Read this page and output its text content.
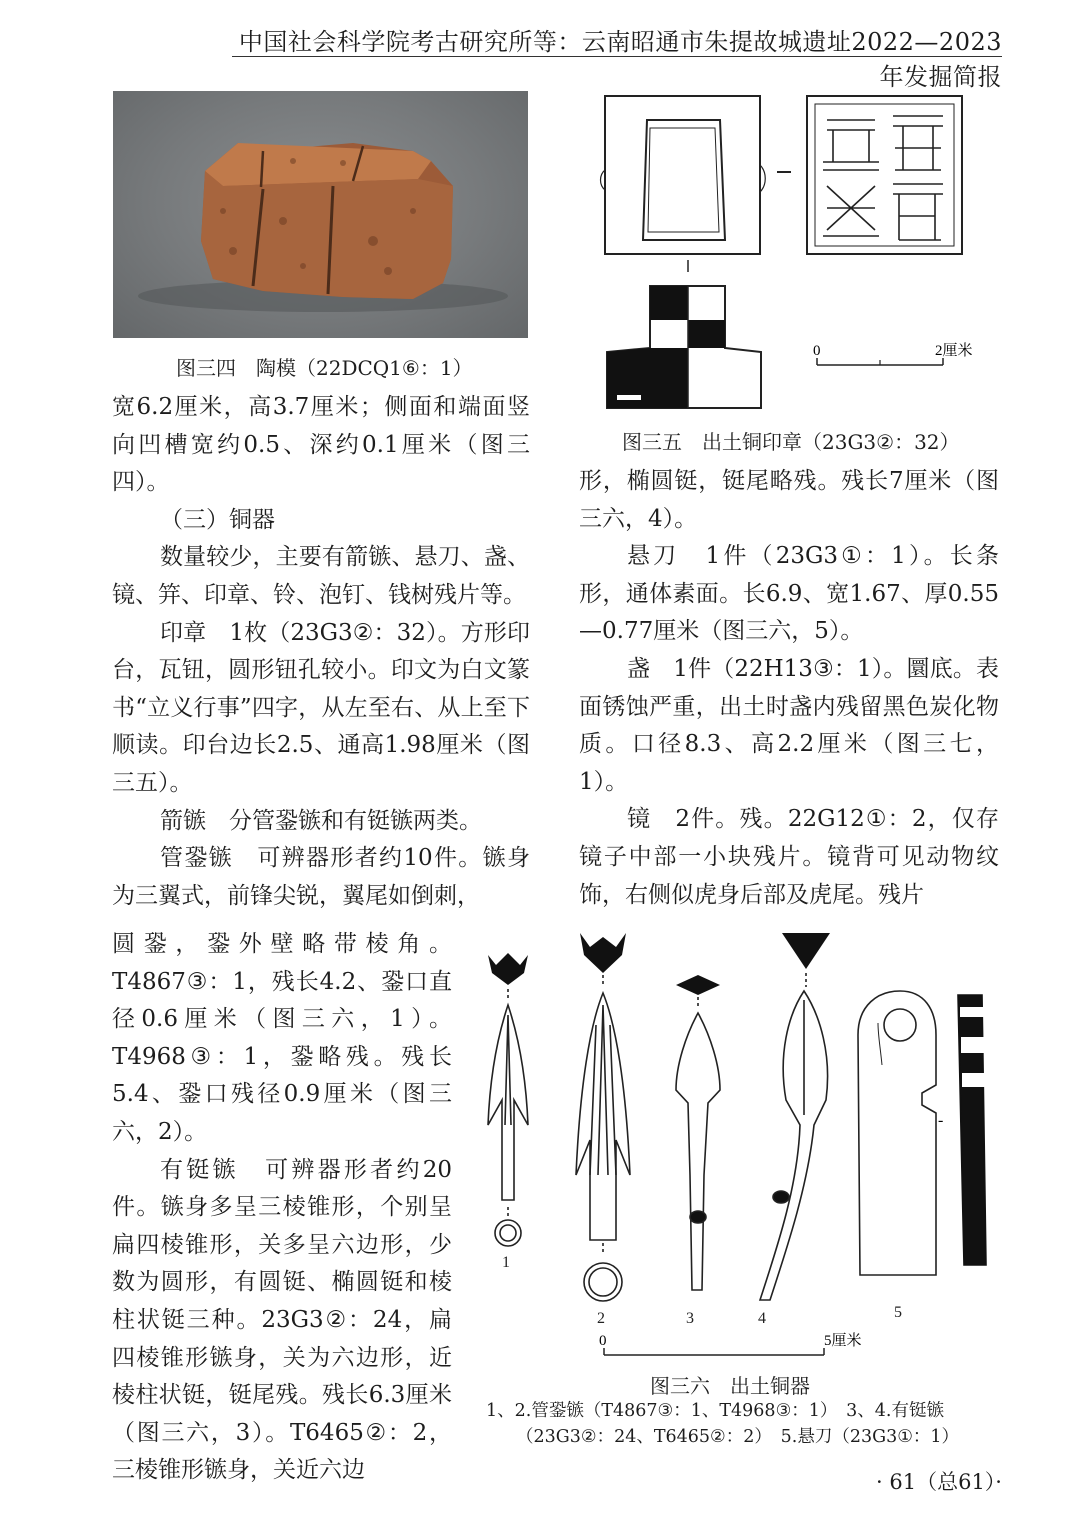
中国社会科学院考古研究所等：云南昭通市朱提故城遗址2022—2023年发掘简报
图三四　陶模（22DCQ1⑥：1）

宽6.2厘米，高3.7厘米；侧面和端面竖向凹槽宽约0.5、深约0.1厘米（图三四）。

（三）铜器

数量较少，主要有箭镞、悬刀、盏、镜、笄、印章、铃、泡钉、钱树残片等。

印章　1枚（23G3②：32）。方形印台，瓦钮，圆形钮孔较小。印文为白文篆书“立义行事”四字，从左至右、从上至下顺读。印台边长2.5、通高1.98厘米（图三五）。

箭镞　分管銎镞和有铤镞两类。

管銎镞　可辨器形者约10件。镞身为三翼式，前锋尖锐，翼尾如倒刺，

圆銎，銎外壁略带棱角。T4867③：1，残长4.2、銎口直径0.6厘米（图三六，1）。T4968③：1，銎略残。残长5.4、銎口残径0.9厘米（图三六，2）。

有铤镞　可辨器形者约20件。镞身多呈三棱锥形，个别呈扁四棱锥形，关多呈六边形，少数为圆形，有圆铤、椭圆铤和棱柱状铤三种。23G3②：24，扁四棱锥形镞身，关为六边形，近棱柱状铤，铤尾残。残长6.3厘米（图三六，3）。T6465②：2，三棱锥形镞身，关近六边

0	2厘米
图三五　出土铜印章（23G3②：32）

形，椭圆铤，铤尾略残。残长7厘米（图三六，4）。

悬刀　1件（23G3①：1）。长条形，通体素面。长6.9、宽1.67、厚0.55—0.77厘米（图三六，5）。

盏　1件（22H13③：1）。圜底。表面锈蚀严重，出土时盏内残留黑色炭化物质。口径8.3、高2.2厘米（图三七，1）。

镜　2件。残。22G12①：2，仅存镜子中部一小块残片。镜背可见动物纹饰，右侧似虎身后部及虎尾。残片

-
1
2	3	4	5
0	5厘米
图三六　出土铜器
1、2.管銎镞（T4867③：1、T4968③：1）　3、4.有铤镞
（23G3②：24、T6465②：2）　5.悬刀（23G3①：1）
· 61（总61）·
